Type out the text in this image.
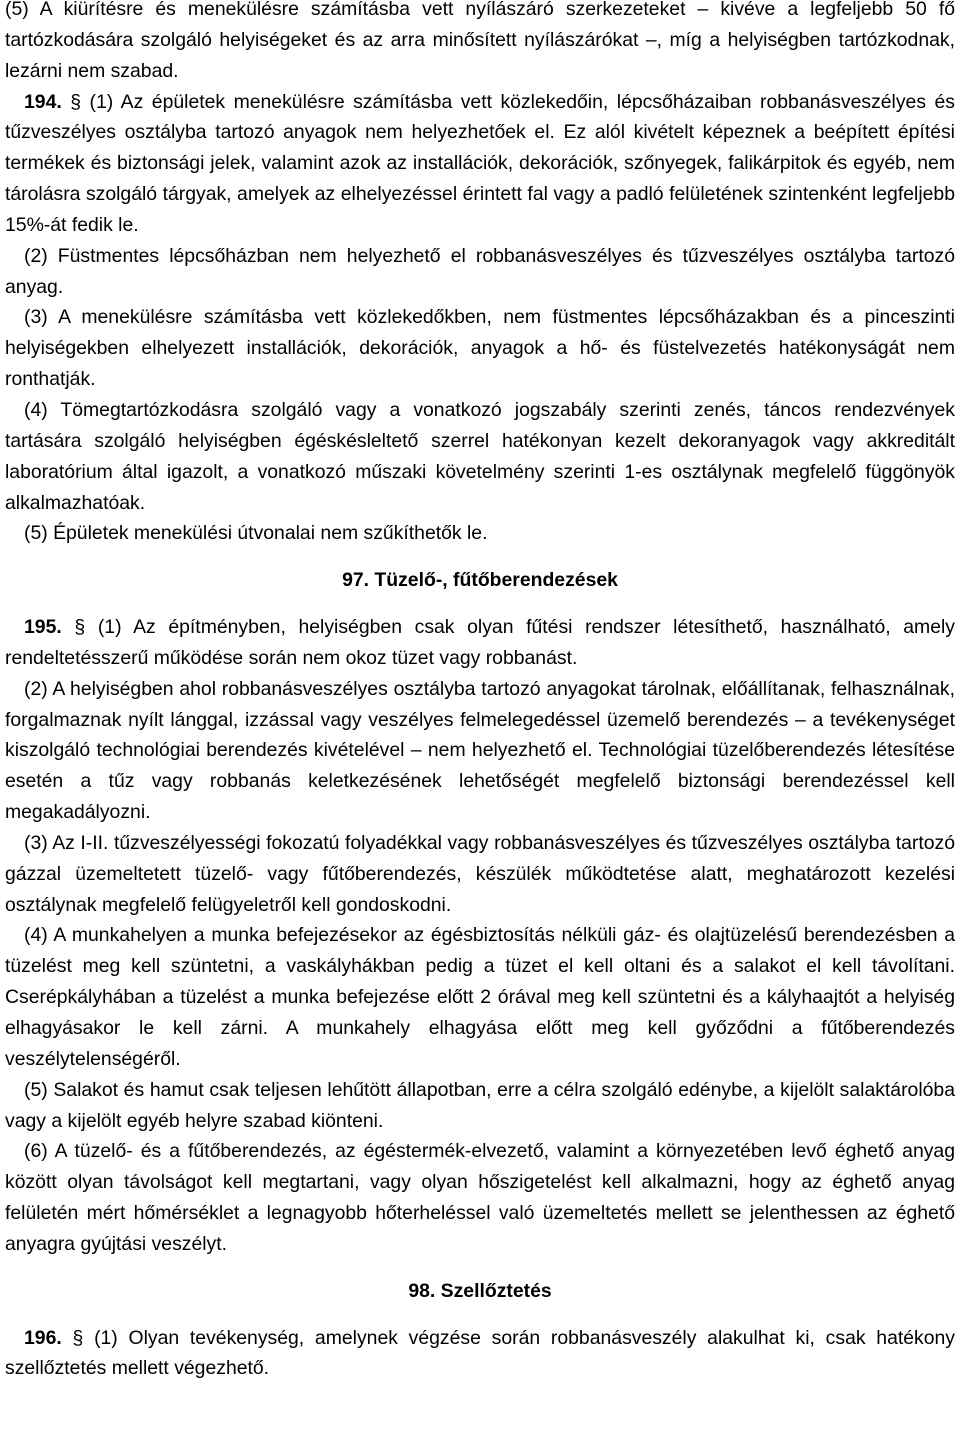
(5) A kiürítésre és menekülésre számításba vett nyílászáró szerkezeteket – kivéve a legfeljebb 50 fő tartózkodására szolgáló helyiségeket és az arra minősített nyílászárókat –, míg a helyiségben tartózkodnak, lezárni nem szabad.

194. § (1) Az épületek menekülésre számításba vett közlekedőin, lépcsőházaiban robbanásveszélyes és tűzveszélyes osztályba tartozó anyagok nem helyezhetőek el. Ez alól kivételt képeznek a beépített építési termékek és biztonsági jelek, valamint azok az installációk, dekorációk, szőnyegek, falikárpitok és egyéb, nem tárolásra szolgáló tárgyak, amelyek az elhelyezéssel érintett fal vagy a padló felületének szintenként legfeljebb 15%-át fedik le.

(2) Füstmentes lépcsőházban nem helyezhető el robbanásveszélyes és tűzveszélyes osztályba tartozó anyag.

(3) A menekülésre számításba vett közlekedőkben, nem füstmentes lépcsőházakban és a pinceszinti helyiségekben elhelyezett installációk, dekorációk, anyagok a hő- és füstelvezetés hatékonyságát nem ronthatják.

(4) Tömegtartózkodásra szolgáló vagy a vonatkozó jogszabály szerinti zenés, táncos rendezvények tartására szolgáló helyiségben égéskésleltető szerrel hatékonyan kezelt dekoranyagok vagy akkreditált laboratórium által igazolt, a vonatkozó műszaki követelmény szerinti 1-es osztálynak megfelelő függönyök alkalmazhatóak.

(5) Épületek menekülési útvonalai nem szűkíthetők le.

97. Tüzelő-, fűtőberendezések

195. § (1) Az építményben, helyiségben csak olyan fűtési rendszer létesíthető, használható, amely rendeltetésszerű működése során nem okoz tüzet vagy robbanást.

(2) A helyiségben ahol robbanásveszélyes osztályba tartozó anyagokat tárolnak, előállítanak, felhasználnak, forgalmaznak nyílt lánggal, izzással vagy veszélyes felmelegedéssel üzemelő berendezés – a tevékenységet kiszolgáló technológiai berendezés kivételével – nem helyezhető el. Technológiai tüzelőberendezés létesítése esetén a tűz vagy robbanás keletkezésének lehetőségét megfelelő biztonsági berendezéssel kell megakadályozni.

(3) Az I-II. tűzveszélyességi fokozatú folyadékkal vagy robbanásveszélyes és tűzveszélyes osztályba tartozó gázzal üzemeltetett tüzelő- vagy fűtőberendezés, készülék működtetése alatt, meghatározott kezelési osztálynak megfelelő felügyeletről kell gondoskodni.

(4) A munkahelyen a munka befejezésekor az égésbiztosítás nélküli gáz- és olajtüzelésű berendezésben a tüzelést meg kell szüntetni, a vaskályhákban pedig a tüzet el kell oltani és a salakot el kell távolítani. Cserépkályhában a tüzelést a munka befejezése előtt 2 órával meg kell szüntetni és a kályhaajtót a helyiség elhagyásakor le kell zárni. A munkahely elhagyása előtt meg kell győződni a fűtőberendezés veszélytelenségéről.

(5) Salakot és hamut csak teljesen lehűtött állapotban, erre a célra szolgáló edénybe, a kijelölt salaktárolóba vagy a kijelölt egyéb helyre szabad kiönteni.

(6) A tüzelő- és a fűtőberendezés, az égéstermék-elvezető, valamint a környezetében levő éghető anyag között olyan távolságot kell megtartani, vagy olyan hőszigetelést kell alkalmazni, hogy az éghető anyag felületén mért hőmérséklet a legnagyobb hőterheléssel való üzemeltetés mellett se jelenthessen az éghető anyagra gyújtási veszélyt.

98. Szellőztetés

196. § (1) Olyan tevékenység, amelynek végzése során robbanásveszély alakulhat ki, csak hatékony szellőztetés mellett végezhető.
